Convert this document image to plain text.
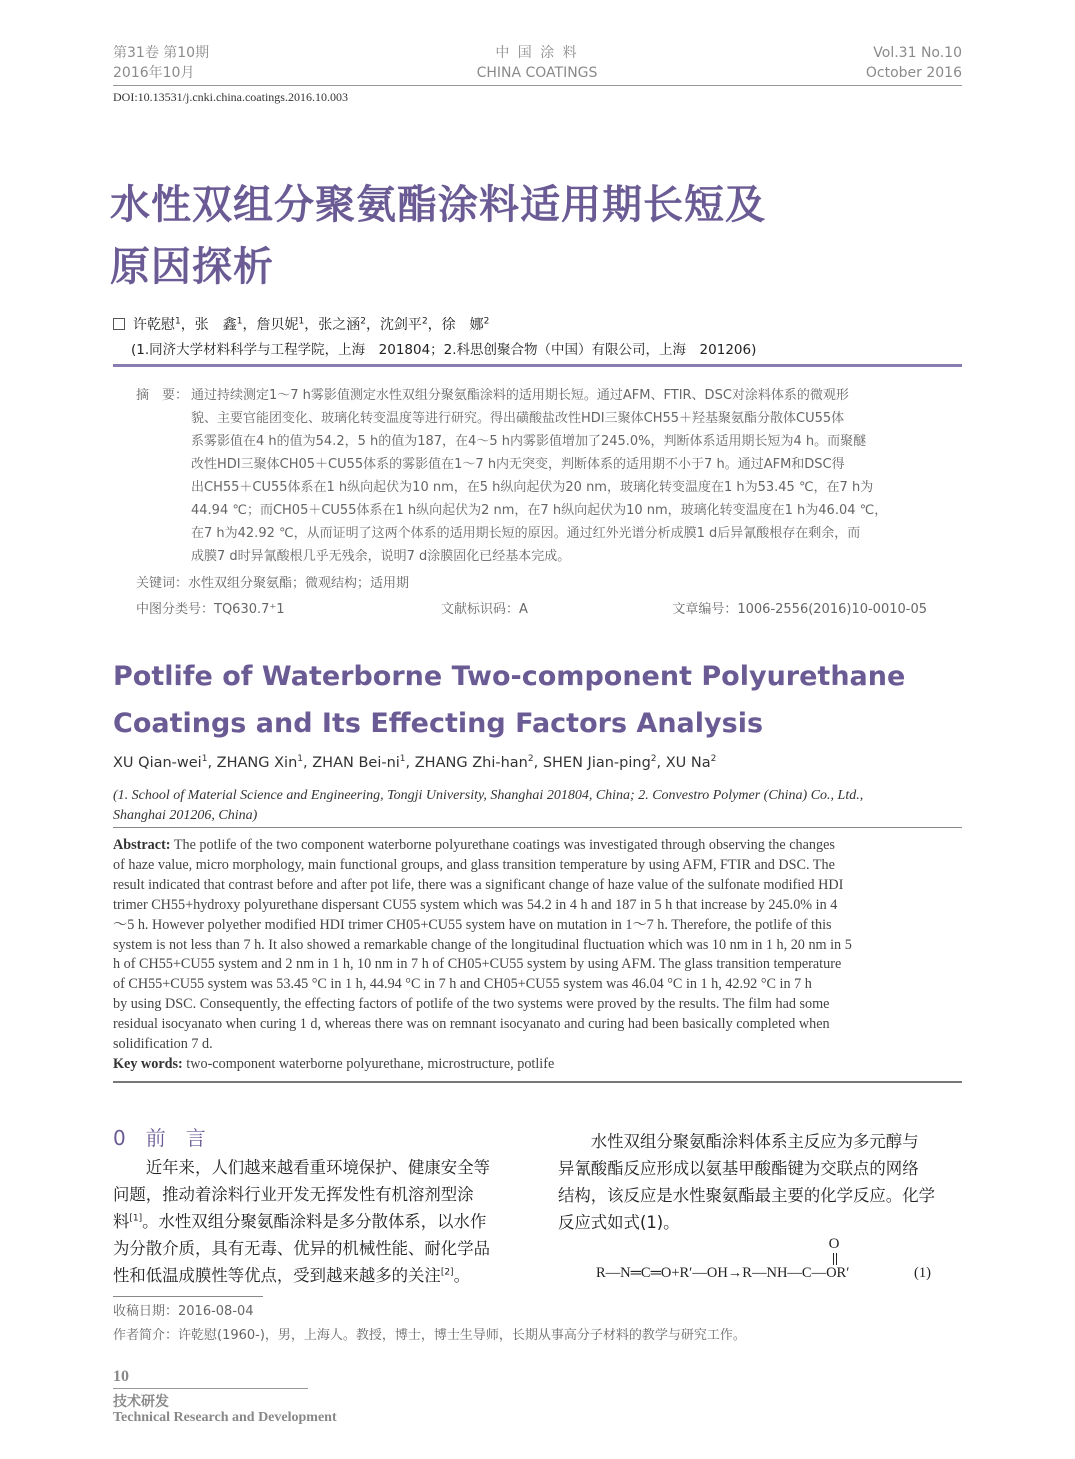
第31卷 第10期
2016年10月
中 国 涂 料
CHINA COATINGS
Vol.31 No.10
October 2016
DOI:10.13531/j.cnki.china.coatings.2016.10.003
水性双组分聚氨酯涂料适用期长短及
原因探析
许乾慰$^1$，张　鑫$^1$，詹贝妮$^1$，张之涵$^2$，沈剑平$^2$，徐　娜$^2$
(1.同济大学材料科学与工程学院，上海　201804；2.科思创聚合物（中国）有限公司，上海　201206)
摘　要： 通过持续测定1～7 h雾影值测定水性双组分聚氨酯涂料的适用期长短。通过AFM、FTIR、DSC对涂料体系的微观形
貌、主要官能团变化、玻璃化转变温度等进行研究。得出磺酸盐改性HDI三聚体CH55＋羟基聚氨酯分散体CU55体
系雾影值在4 h的值为54.2，5 h的值为187，在4～5 h内雾影值增加了245.0%，判断体系适用期长短为4 h。而聚醚
改性HDI三聚体CH05＋CU55体系的雾影值在1～7 h内无突变，判断体系的适用期不小于7 h。通过AFM和DSC得
出CH55＋CU55体系在1 h纵向起伏为10 nm，在5 h纵向起伏为20 nm，玻璃化转变温度在1 h为53.45 ℃，在7 h为
44.94 ℃；而CH05＋CU55体系在1 h纵向起伏为2 nm，在7 h纵向起伏为10 nm，玻璃化转变温度在1 h为46.04 ℃，
在7 h为42.92 ℃，从而证明了这两个体系的适用期长短的原因。通过红外光谱分析成膜1 d后异氰酸根存在剩余，而
成膜7 d时异氰酸根几乎无残余，说明7 d涂膜固化已经基本完成。
关键词：水性双组分聚氨酯；微观结构；适用期
中图分类号：TQ630.7⁺1	文献标识码：A	文章编号：1006-2556(2016)10-0010-05
Potlife of Waterborne Two-component Polyurethane
Coatings and Its Effecting Factors Analysis
XU Qian-wei$^1$, ZHANG Xin$^1$, ZHAN Bei-$ni^1$, ZHANG Zhi-han$^2$, SHEN Jian-ping$^2$, XU Na$^2$
(1. School of Material Science and Engineering, Tongji University, Shanghai 201804, China; 2. Convestro Polymer (China) Co., Ltd.,
Shanghai 201206, China)
Abstract: The potlife of the two component waterborne polyurethane coatings was investigated through observing the changes
of haze value, micro morphology, main functional groups, and glass transition temperature by using AFM, FTIR and DSC. The
result indicated that contrast before and after pot life, there was a significant change of haze value of the sulfonate modified HDI
trimer CH55+hydroxy polyurethane dispersant CU55 system which was 54.2 in 4 h and 187 in 5 h that increase by 245.0% in 4
～5 h. However polyether modified HDI trimer CH05+CU55 system have on mutation in 1～7 h. Therefore, the potlife of this
system is not less than 7 h. It also showed a remarkable change of the longitudinal fluctuation which was 10 nm in 1 h, 20 nm in 5
h of CH55+CU55 system and 2 nm in 1 h, 10 nm in 7 h of CH05+CU55 system by using AFM. The glass transition temperature
of CH55+CU55 system was 53.45 °C in 1 h, 44.94 °C in 7 h and CH05+CU55 system was 46.04 °C in 1 h, 42.92 °C in 7 h
by using DSC. Consequently, the effecting factors of potlife of the two systems were proved by the results. The film had some
residual isocyanato when curing 1 d, whereas there was on remnant isocyanato and curing had been basically completed when
solidification 7 d.
Key words: two-component waterborne polyurethane, microstructure, potlife
0　前　言
　　近年来，人们越来越看重环境保护、健康安全等
问题，推动着涂料行业开发无挥发性有机溶剂型涂
料[1]。水性双组分聚氨酯涂料是多分散体系，以水作
为分散介质，具有无毒、优异的机械性能、耐化学品
性和低温成膜性等优点，受到越来越多的关注[2]。
　　水性双组分聚氨酯涂料体系主反应为多元醇与
异氰酸酯反应形成以氨基甲酸酯键为交联点的网络
结构，该反应是水性聚氨酯最主要的化学反应。化学
反应式如式(1)。
O
R—N═C═O+R′—OH→R—NH—C—OR′	(1)
收稿日期：2016-08-04
作者简介：许乾慰(1960-)，男，上海人。教授，博士，博士生导师，长期从事高分子材料的教学与研究工作。
10
技术研发
Technical Research and Development
